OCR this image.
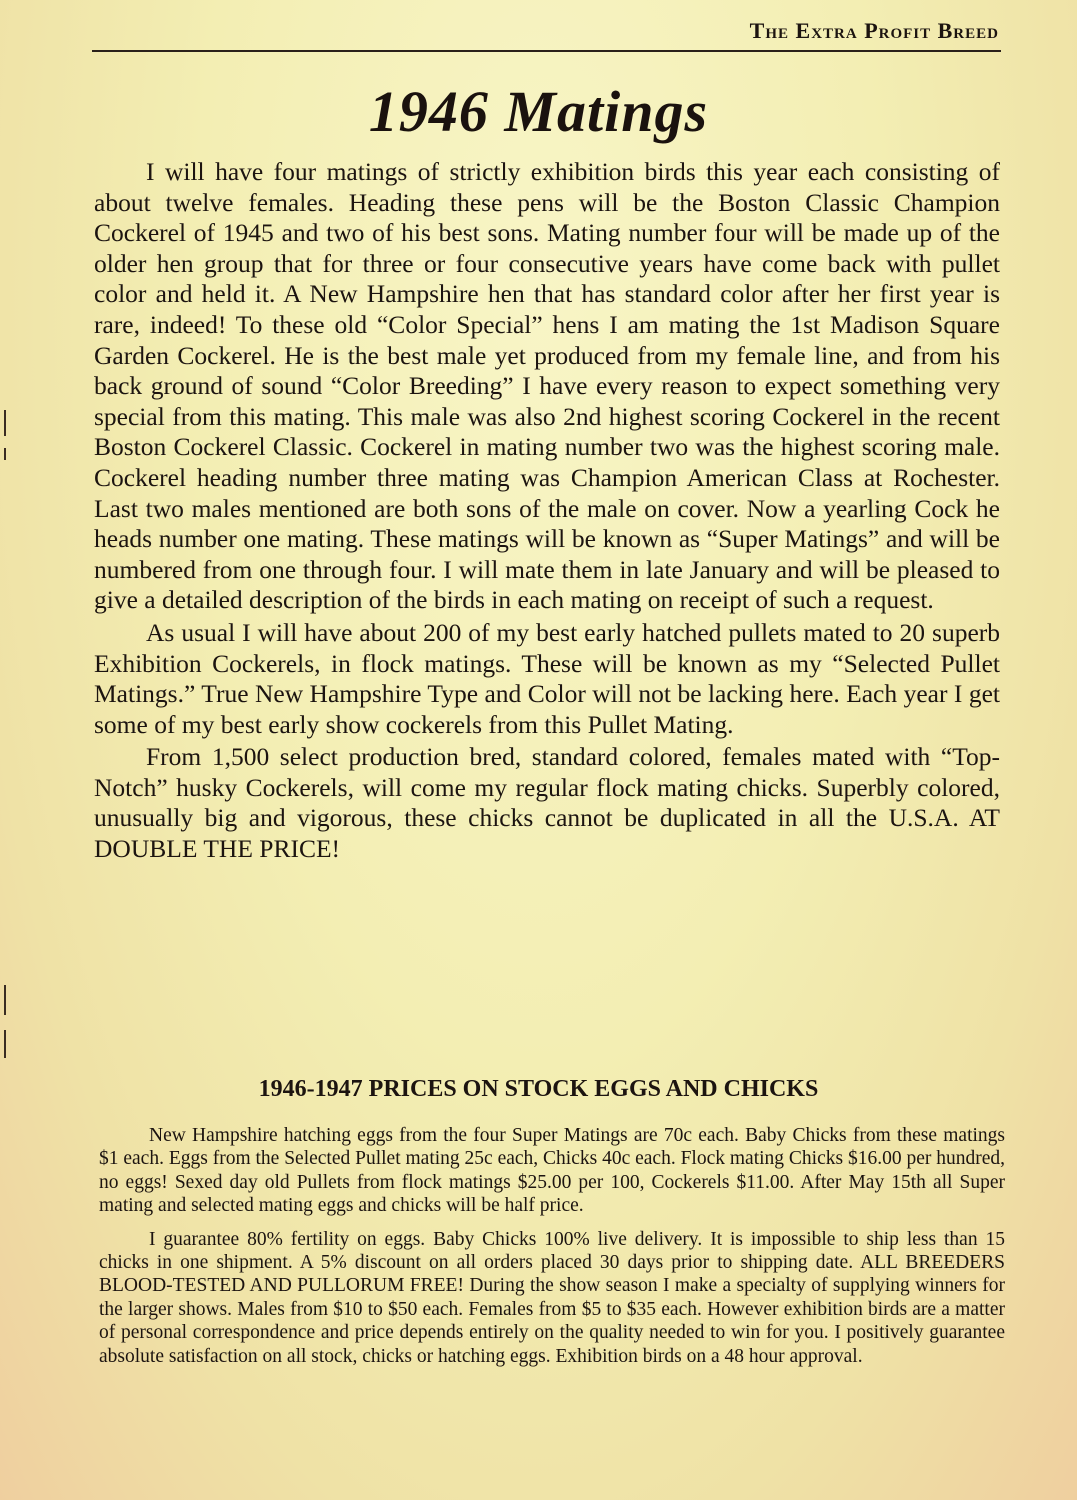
The Extra Profit Breed
1946 Matings

I will have four matings of strictly exhibition birds this year each consisting of about twelve females. Heading these pens will be the Boston Classic Champion Cockerel of 1945 and two of his best sons. Mating number four will be made up of the older hen group that for three or four consecutive years have come back with pullet color and held it. A New Hampshire hen that has standard color after her first year is rare, indeed! To these old “Color Special” hens I am mating the 1st Madison Square Garden Cockerel. He is the best male yet produced from my female line, and from his back ground of sound “Color Breeding” I have every reason to expect something very special from this mating. This male was also 2nd highest scoring Cockerel in the recent Boston Cockerel Classic. Cockerel in mating number two was the highest scoring male. Cockerel heading number three mating was Champion American Class at Rochester. Last two males mentioned are both sons of the male on cover. Now a yearling Cock he heads number one mating. These matings will be known as “Super Matings” and will be numbered from one through four. I will mate them in late January and will be pleased to give a detailed description of the birds in each mating on receipt of such a request.

As usual I will have about 200 of my best early hatched pullets mated to 20 superb Exhibition Cockerels, in flock matings. These will be known as my “Selected Pullet Matings.” True New Hampshire Type and Color will not be lacking here. Each year I get some of my best early show cockerels from this Pullet Mating.

From 1,500 select production bred, standard colored, females mated with “Top-Notch” husky Cockerels, will come my regular flock mating chicks. Superbly colored, unusually big and vigorous, these chicks cannot be duplicated in all the U.S.A. AT DOUBLE THE PRICE!

1946-1947 PRICES ON STOCK EGGS AND CHICKS

New Hampshire hatching eggs from the four Super Matings are 70c each. Baby Chicks from these matings $1 each. Eggs from the Selected Pullet mating 25c each, Chicks 40c each. Flock mating Chicks $16.00 per hundred, no eggs! Sexed day old Pullets from flock matings $25.00 per 100, Cockerels $11.00. After May 15th all Super mating and selected mating eggs and chicks will be half price.

I guarantee 80% fertility on eggs. Baby Chicks 100% live delivery. It is impossible to ship less than 15 chicks in one shipment. A 5% discount on all orders placed 30 days prior to shipping date. ALL BREEDERS BLOOD-TESTED AND PULLORUM FREE! During the show season I make a specialty of supplying winners for the larger shows. Males from $10 to $50 each. Females from $5 to $35 each. However exhibition birds are a matter of personal correspondence and price depends entirely on the quality needed to win for you. I positively guarantee absolute satisfaction on all stock, chicks or hatching eggs. Exhibition birds on a 48 hour approval.
